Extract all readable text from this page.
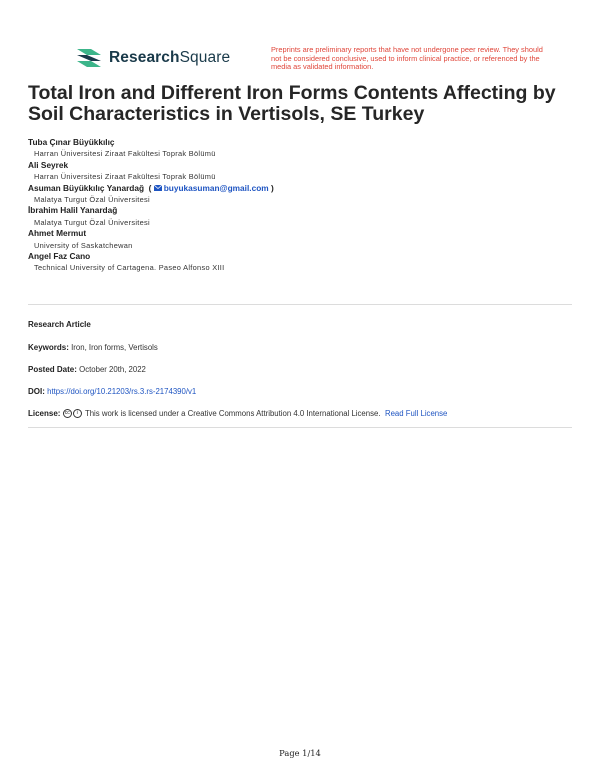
ResearchSquare	Preprints are preliminary reports that have not undergone peer review. They should not be considered conclusive, used to inform clinical practice, or referenced by the media as validated information.
Total Iron and Different Iron Forms Contents Affecting by Soil Characteristics in Vertisols, SE Turkey
Tuba Çınar Büyükkılıç
Harran Üniversitesi Ziraat Fakültesi Toprak Bölümü
Ali Seyrek
Harran Üniversitesi Ziraat Fakültesi Toprak Bölümü
Asuman Büyükkılıç Yanardağ  ( buyukasuman@gmail.com )
Malatya Turgut Özal Üniversitesi
İbrahim Halil Yanardağ
Malatya Turgut Özal Üniversitesi
Ahmet Mermut
University of Saskatchewan
Angel Faz Cano
Technical University of Cartagena. Paseo Alfonso XIII
Research Article
Keywords: Iron, Iron forms, Vertisols
Posted Date: October 20th, 2022
DOI: https://doi.org/10.21203/rs.3.rs-2174390/v1
License: cc i This work is licensed under a Creative Commons Attribution 4.0 International License. Read Full License
Page 1/14
